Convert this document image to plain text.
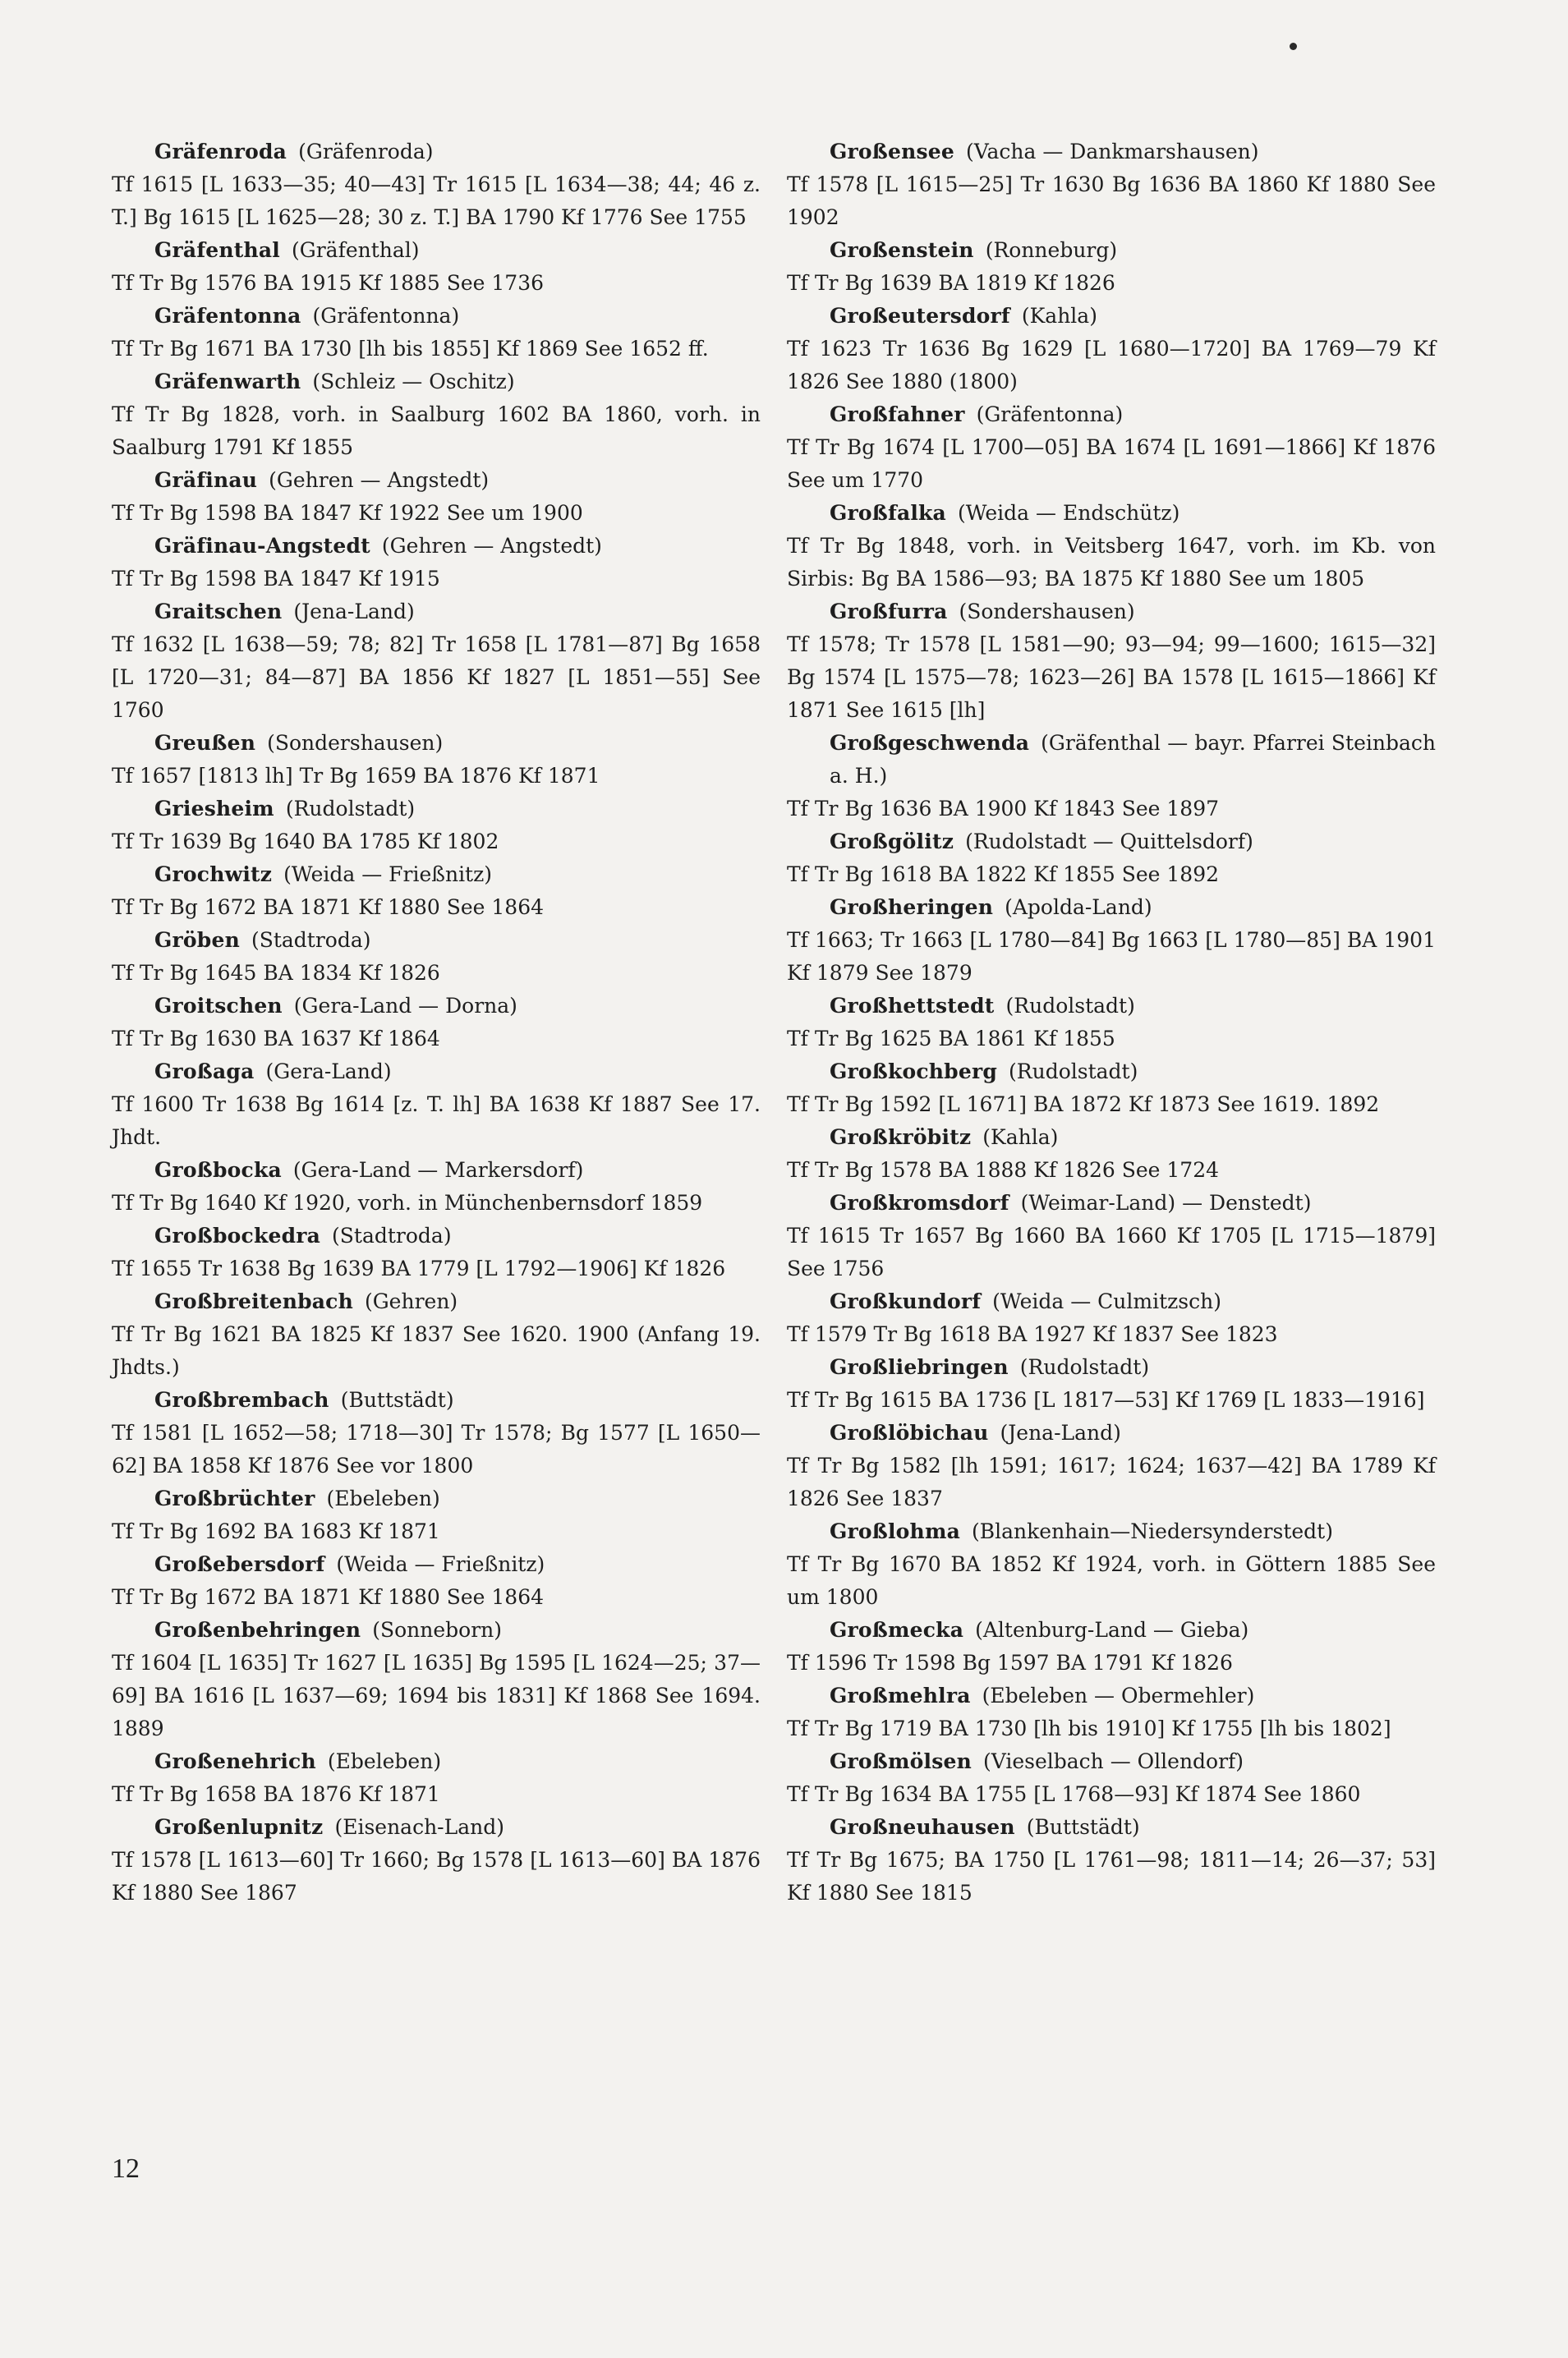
Gräfenroda (Gräfenroda)

Tf 1615 [L 1633—35; 40—43] Tr 1615 [L 1634—38; 44; 46 z. T.] Bg 1615 [L 1625—28; 30 z. T.] BA 1790 Kf 1776 See 1755

Gräfenthal (Gräfenthal)

Tf Tr Bg 1576 BA 1915 Kf 1885 See 1736

Gräfentonna (Gräfentonna)

Tf Tr Bg 1671 BA 1730 [lh bis 1855] Kf 1869 See 1652 ff.

Gräfenwarth (Schleiz — Oschitz)

Tf Tr Bg 1828, vorh. in Saalburg 1602 BA 1860, vorh. in Saalburg 1791 Kf 1855

Gräfinau (Gehren — Angstedt)

Tf Tr Bg 1598 BA 1847 Kf 1922 See um 1900

Gräfinau-Angstedt (Gehren — Angstedt)

Tf Tr Bg 1598 BA 1847 Kf 1915

Graitschen (Jena-Land)

Tf 1632 [L 1638—59; 78; 82] Tr 1658 [L 1781—87] Bg 1658 [L 1720—31; 84—87] BA 1856 Kf 1827 [L 1851—55] See 1760

Greußen (Sondershausen)

Tf 1657 [1813 lh] Tr Bg 1659 BA 1876 Kf 1871

Griesheim (Rudolstadt)

Tf Tr 1639 Bg 1640 BA 1785 Kf 1802

Grochwitz (Weida — Frießnitz)

Tf Tr Bg 1672 BA 1871 Kf 1880 See 1864

Gröben (Stadtroda)

Tf Tr Bg 1645 BA 1834 Kf 1826

Groitschen (Gera-Land — Dorna)

Tf Tr Bg 1630 BA 1637 Kf 1864

Großaga (Gera-Land)

Tf 1600 Tr 1638 Bg 1614 [z. T. lh] BA 1638 Kf 1887 See 17. Jhdt.

Großbocka (Gera-Land — Markersdorf)

Tf Tr Bg 1640 Kf 1920, vorh. in Münchenbernsdorf 1859

Großbockedra (Stadtroda)

Tf 1655 Tr 1638 Bg 1639 BA 1779 [L 1792—1906] Kf 1826

Großbreitenbach (Gehren)

Tf Tr Bg 1621 BA 1825 Kf 1837 See 1620. 1900 (Anfang 19. Jhdts.)

Großbrembach (Buttstädt)

Tf 1581 [L 1652—58; 1718—30] Tr 1578; Bg 1577 [L 1650—62] BA 1858 Kf 1876 See vor 1800

Großbrüchter (Ebeleben)

Tf Tr Bg 1692 BA 1683 Kf 1871

Großebersdorf (Weida — Frießnitz)

Tf Tr Bg 1672 BA 1871 Kf 1880 See 1864

Großenbehringen (Sonneborn)

Tf 1604 [L 1635] Tr 1627 [L 1635] Bg 1595 [L 1624—25; 37—69] BA 1616 [L 1637—69; 1694 bis 1831] Kf 1868 See 1694. 1889

Großenehrich (Ebeleben)

Tf Tr Bg 1658 BA 1876 Kf 1871

Großenlupnitz (Eisenach-Land)

Tf 1578 [L 1613—60] Tr 1660; Bg 1578 [L 1613—60] BA 1876 Kf 1880 See 1867

Großensee (Vacha — Dankmarshausen)

Tf 1578 [L 1615—25] Tr 1630 Bg 1636 BA 1860 Kf 1880 See 1902

Großenstein (Ronneburg)

Tf Tr Bg 1639 BA 1819 Kf 1826

Großeutersdorf (Kahla)

Tf 1623 Tr 1636 Bg 1629 [L 1680—1720] BA 1769—79 Kf 1826 See 1880 (1800)

Großfahner (Gräfentonna)

Tf Tr Bg 1674 [L 1700—05] BA 1674 [L 1691—1866] Kf 1876 See um 1770

Großfalka (Weida — Endschütz)

Tf Tr Bg 1848, vorh. in Veitsberg 1647, vorh. im Kb. von Sirbis: Bg BA 1586—93; BA 1875 Kf 1880 See um 1805

Großfurra (Sondershausen)

Tf 1578; Tr 1578 [L 1581—90; 93—94; 99—1600; 1615—32] Bg 1574 [L 1575—78; 1623—26] BA 1578 [L 1615—1866] Kf 1871 See 1615 [lh]

Großgeschwenda (Gräfenthal — bayr. Pfarrei Steinbach a. H.)

Tf Tr Bg 1636 BA 1900 Kf 1843 See 1897

Großgölitz (Rudolstadt — Quittelsdorf)

Tf Tr Bg 1618 BA 1822 Kf 1855 See 1892

Großheringen (Apolda-Land)

Tf 1663; Tr 1663 [L 1780—84] Bg 1663 [L 1780—85] BA 1901 Kf 1879 See 1879

Großhettstedt (Rudolstadt)

Tf Tr Bg 1625 BA 1861 Kf 1855

Großkochberg (Rudolstadt)

Tf Tr Bg 1592 [L 1671] BA 1872 Kf 1873 See 1619. 1892

Großkröbitz (Kahla)

Tf Tr Bg 1578 BA 1888 Kf 1826 See 1724

Großkromsdorf (Weimar-Land) — Denstedt)

Tf 1615 Tr 1657 Bg 1660 BA 1660 Kf 1705 [L 1715—1879] See 1756

Großkundorf (Weida — Culmitzsch)

Tf 1579 Tr Bg 1618 BA 1927 Kf 1837 See 1823

Großliebringen (Rudolstadt)

Tf Tr Bg 1615 BA 1736 [L 1817—53] Kf 1769 [L 1833—1916]

Großlöbichau (Jena-Land)

Tf Tr Bg 1582 [lh 1591; 1617; 1624; 1637—42] BA 1789 Kf 1826 See 1837

Großlohma (Blankenhain—Niedersynderstedt)

Tf Tr Bg 1670 BA 1852 Kf 1924, vorh. in Göttern 1885 See um 1800

Großmecka (Altenburg-Land — Gieba)

Tf 1596 Tr 1598 Bg 1597 BA 1791 Kf 1826

Großmehlra (Ebeleben — Obermehler)

Tf Tr Bg 1719 BA 1730 [lh bis 1910] Kf 1755 [lh bis 1802]

Großmölsen (Vieselbach — Ollendorf)

Tf Tr Bg 1634 BA 1755 [L 1768—93] Kf 1874 See 1860

Großneuhausen (Buttstädt)

Tf Tr Bg 1675; BA 1750 [L 1761—98; 1811—14; 26—37; 53] Kf 1880 See 1815

12
